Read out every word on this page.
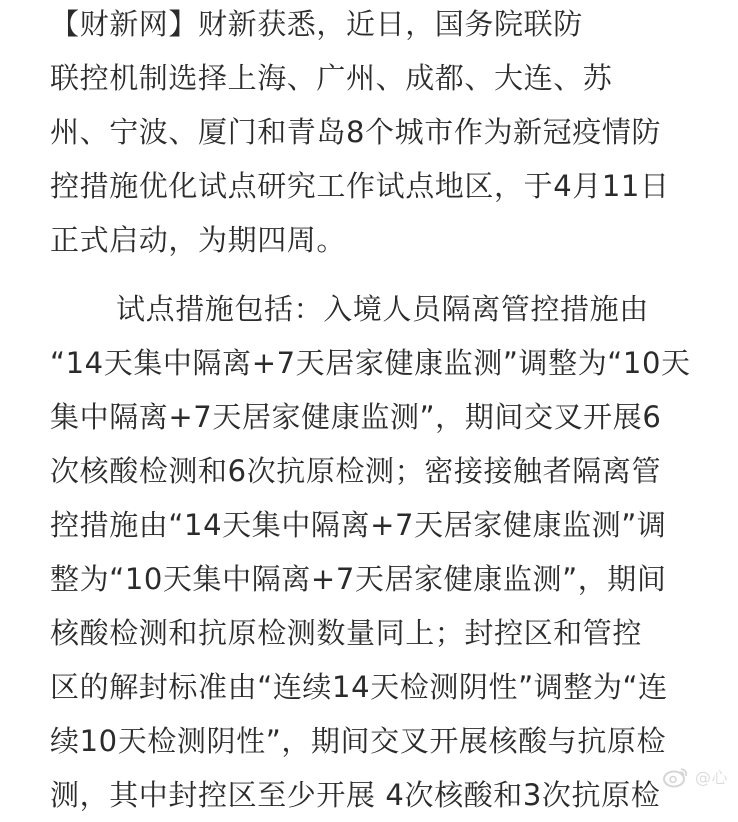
【财新网】财新获悉，近日，国务院联防
联控机制选择上海、广州、成都、大连、苏
州、宁波、厦门和青岛8个城市作为新冠疫情防
控措施优化试点研究工作试点地区，于4月11日
正式启动，为期四周。
试点措施包括：入境人员隔离管控措施由
“14天集中隔离+7天居家健康监测”调整为“10天
集中隔离+7天居家健康监测”，期间交叉开展6
次核酸检测和6次抗原检测；密接接触者隔离管
控措施由“14天集中隔离+7天居家健康监测”调
整为“10天集中隔离+7天居家健康监测”，期间
核酸检测和抗原检测数量同上；封控区和管控
区的解封标准由“连续14天检测阴性”调整为“连
续10天检测阴性”，期间交叉开展核酸与抗原检
测，其中封控区至少开展 4次核酸和3次抗原检
@心
